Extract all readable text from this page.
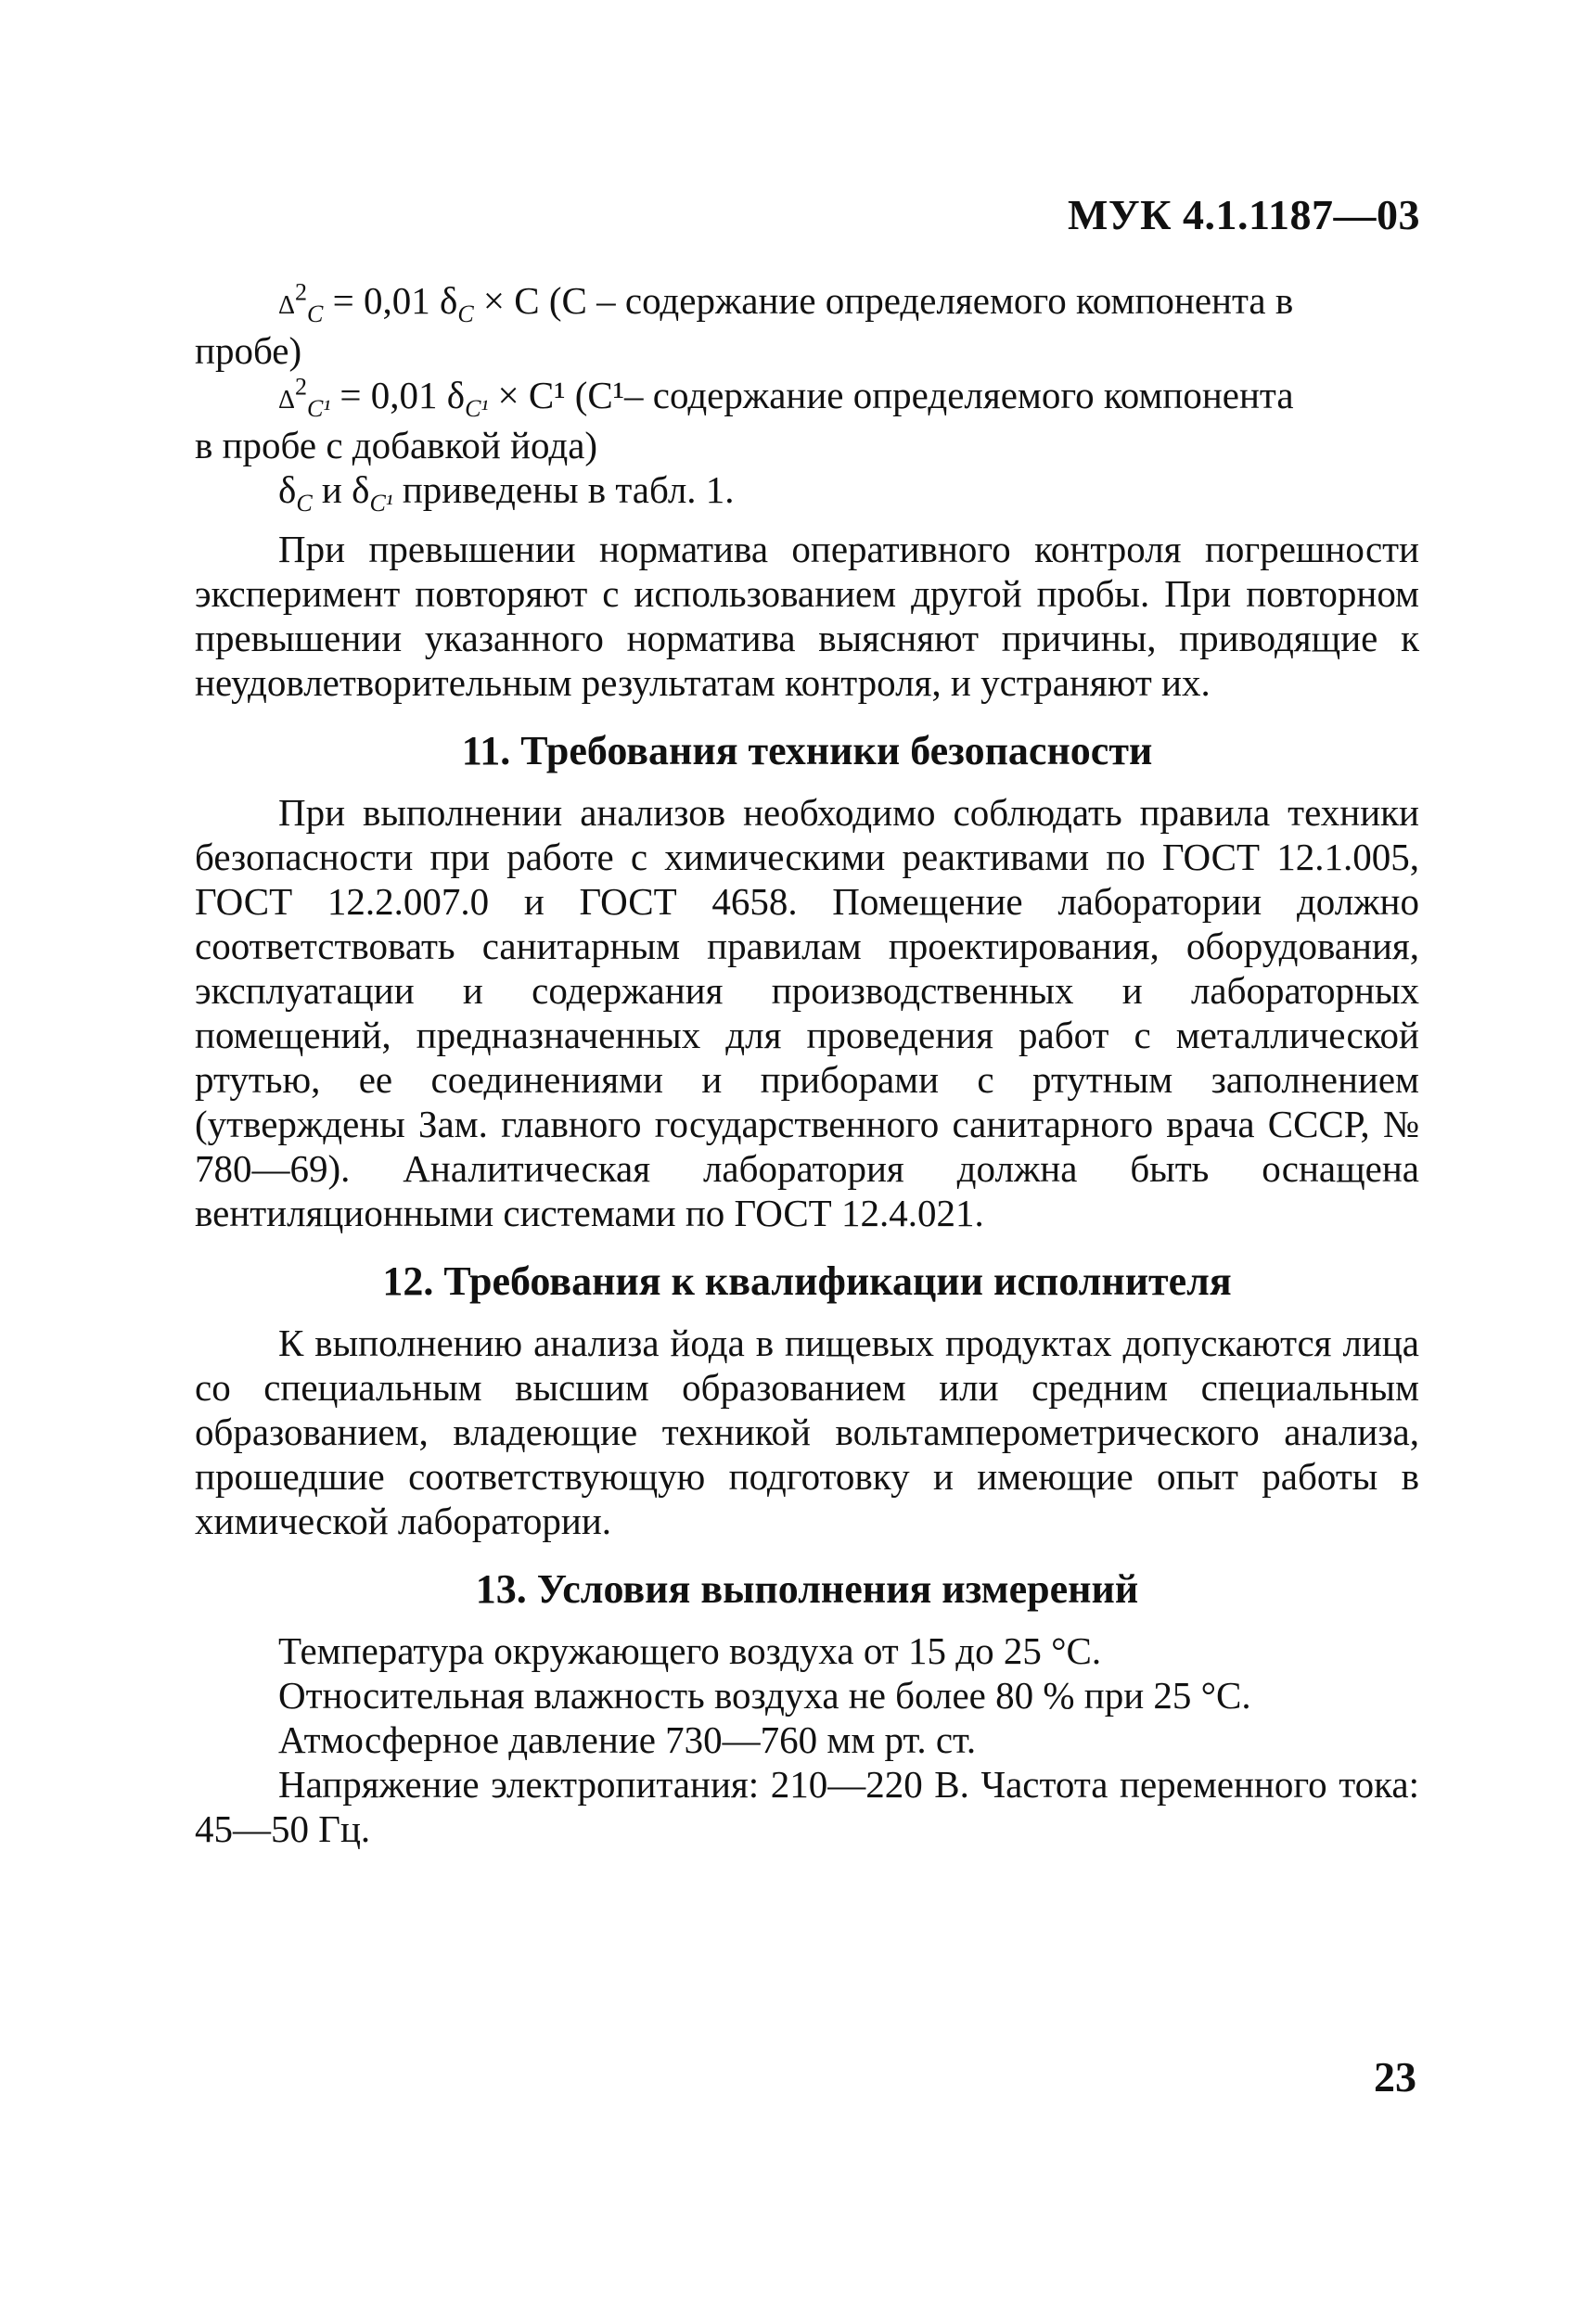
МУК 4.1.1187—03
$\Delta^2_C = 0,01$ $\delta_C \times C$ (C – содержание определяемого компонента в
пробе)
$\Delta^2_{C^1} = 0,01$ $\delta_{C^1} \times C^1$ (C¹– содержание определяемого компонента
в пробе с добавкой йода)
$\delta_C$ и $\delta_{C^1}$ приведены в табл. 1.

При превышении норматива оперативного контроля погрешности эксперимент повторяют с использованием другой пробы. При повторном превышении указанного норматива выясняют причины, приводящие к неудовлетворительным результатам контроля, и устраняют их.

11. Требования техники безопасности

При выполнении анализов необходимо соблюдать правила техники безопасности при работе с химическими реактивами по ГОСТ 12.1.005, ГОСТ 12.2.007.0 и ГОСТ 4658. Помещение лаборатории должно соответствовать санитарным правилам проектирования, оборудования, эксплуатации и содержания производственных и лабораторных помещений, предназначенных для проведения работ с металлической ртутью, ее соединениями и приборами с ртутным заполнением (утверждены Зам. главного государственного санитарного врача СССР, № 780—69). Аналитическая лаборатория должна быть оснащена вентиляционными системами по ГОСТ 12.4.021.

12. Требования к квалификации исполнителя

К выполнению анализа йода в пищевых продуктах допускаются лица со специальным высшим образованием или средним специальным образованием, владеющие техникой вольтамперометрического анализа, прошедшие соответствующую подготовку и имеющие опыт работы в химической лаборатории.

13. Условия выполнения измерений

Температура окружающего воздуха от 15 до 25 °С.

Относительная влажность воздуха не более 80 % при 25 °С.

Атмосферное давление 730—760 мм рт. ст.

Напряжение электропитания: 210—220 В. Частота переменного тока: 45—50 Гц.

23
